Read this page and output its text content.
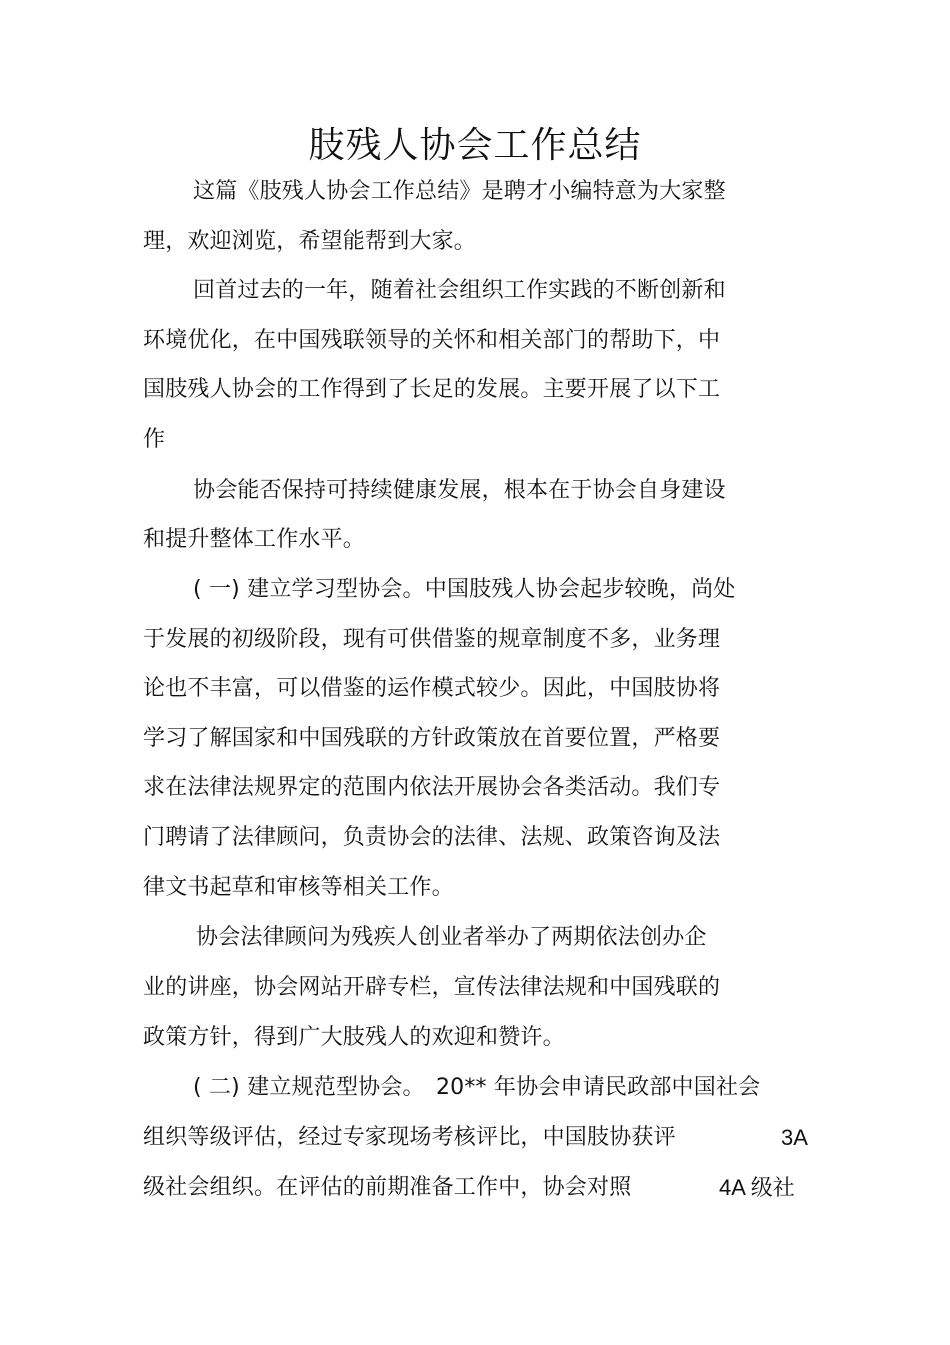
肢残人协会工作总结
这篇《肢残人协会工作总结》是聘才小编特意为大家整
理，欢迎浏览，希望能帮到大家。
回首过去的一年，随着社会组织工作实践的不断创新和
环境优化，在中国残联领导的关怀和相关部门的帮助下，中
国肢残人协会的工作得到了长足的发展。主要开展了以下工
作
协会能否保持可持续健康发展，根本在于协会自身建设
和提升整体工作水平。
( 一) 建立学习型协会。中国肢残人协会起步较晚，尚处
于发展的初级阶段，现有可供借鉴的规章制度不多，业务理
论也不丰富，可以借鉴的运作模式较少。因此，中国肢协将
学习了解国家和中国残联的方针政策放在首要位置，严格要
求在法律法规界定的范围内依法开展协会各类活动。我们专
门聘请了法律顾问，负责协会的法律、法规、政策咨询及法
律文书起草和审核等相关工作。
协会法律顾问为残疾人创业者举办了两期依法创办企
业的讲座，协会网站开辟专栏，宣传法律法规和中国残联的
政策方针，得到广大肢残人的欢迎和赞许。
( 二) 建立规范型协会。　20** 年协会申请民政部中国社会
组织等级评估，经过专家现场考核评比，中国肢协获评	3A
级社会组织。在评估的前期准备工作中，协会对照	4A 级社
